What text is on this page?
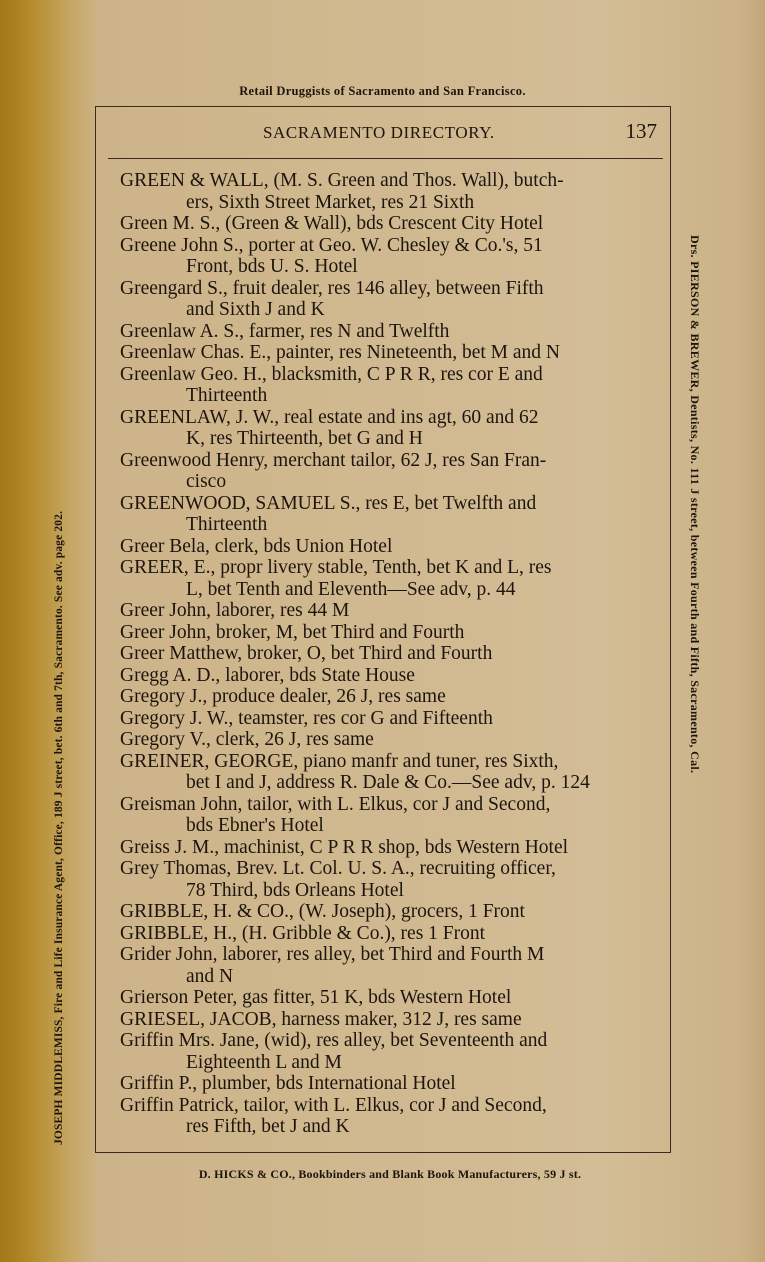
Retail Druggists of Sacramento and San Francisco.
JOSEPH MIDDLEMISS, Fire and Life Insurance Agent, Office, 189 J street, bet. 6th and 7th, Sacramento. See adv. page 202.
Drs. PIERSON & BREWER, Dentists, No. 111 J street, between Fourth and Fifth, Sacramento, Cal.
SACRAMENTO DIRECTORY.	137
GREEN & WALL, (M. S. Green and Thos. Wall), butch-
ers, Sixth Street Market, res 21 Sixth
Green M. S., (Green & Wall), bds Crescent City Hotel
Greene John S., porter at Geo. W. Chesley & Co.'s, 51
Front, bds U. S. Hotel
Greengard S., fruit dealer, res 146 alley, between Fifth
and Sixth J and K
Greenlaw A. S., farmer, res N and Twelfth
Greenlaw Chas. E., painter, res Nineteenth, bet M and N
Greenlaw Geo. H., blacksmith, C P R R, res cor E and
Thirteenth
GREENLAW, J. W., real estate and ins agt, 60 and 62
K, res Thirteenth, bet G and H
Greenwood Henry, merchant tailor, 62 J, res San Fran-
cisco
GREENWOOD, SAMUEL S., res E, bet Twelfth and
Thirteenth
Greer Bela, clerk, bds Union Hotel
GREER, E., propr livery stable, Tenth, bet K and L, res
L, bet Tenth and Eleventh—See adv, p. 44
Greer John, laborer, res 44 M
Greer John, broker, M, bet Third and Fourth
Greer Matthew, broker, O, bet Third and Fourth
Gregg A. D., laborer, bds State House
Gregory J., produce dealer, 26 J, res same
Gregory J. W., teamster, res cor G and Fifteenth
Gregory V., clerk, 26 J, res same
GREINER, GEORGE, piano manfr and tuner, res Sixth,
bet I and J, address R. Dale & Co.—See adv, p. 124
Greisman John, tailor, with L. Elkus, cor J and Second,
bds Ebner's Hotel
Greiss J. M., machinist, C P R R shop, bds Western Hotel
Grey Thomas, Brev. Lt. Col. U. S. A., recruiting officer,
78 Third, bds Orleans Hotel
GRIBBLE, H. & CO., (W. Joseph), grocers, 1 Front
GRIBBLE, H., (H. Gribble & Co.), res 1 Front
Grider John, laborer, res alley, bet Third and Fourth M
and N
Grierson Peter, gas fitter, 51 K, bds Western Hotel
GRIESEL, JACOB, harness maker, 312 J, res same
Griffin Mrs. Jane, (wid), res alley, bet Seventeenth and
Eighteenth L and M
Griffin P., plumber, bds International Hotel
Griffin Patrick, tailor, with L. Elkus, cor J and Second,
res Fifth, bet J and K
D. HICKS & CO., Bookbinders and Blank Book Manufacturers, 59 J st.
